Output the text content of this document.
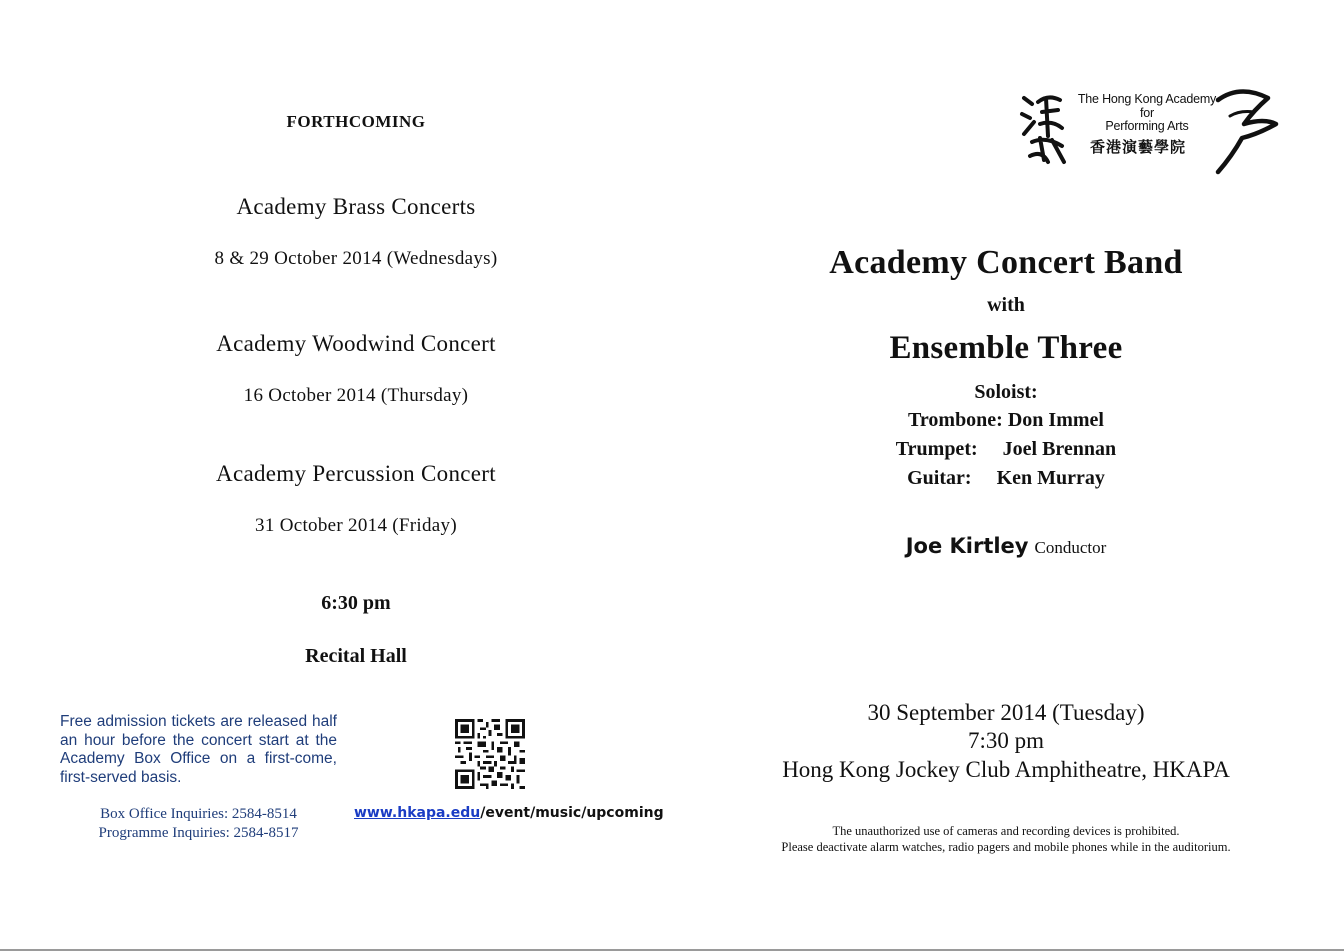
FORTHCOMING
Academy Brass Concerts
8 & 29 October 2014 (Wednesdays)
Academy Woodwind Concert
16 October 2014 (Thursday)
Academy Percussion Concert
31 October 2014 (Friday)
6:30 pm
Recital Hall
Free admission tickets are released half an hour before the concert start at the Academy Box Office on a first-come, first-served basis.
Box Office Inquiries: 2584-8514
Programme Inquiries: 2584-8517
www.hkapa.edu/event/music/upcoming
The Hong Kong Academy
for
Performing Arts
香港演藝學院
Academy Concert Band
with
Ensemble Three
Soloist:
Trombone: Don Immel
Trumpet: Joel Brennan
Guitar: Ken Murray
Joe Kirtley Conductor
30 September 2014 (Tuesday)
7:30 pm
Hong Kong Jockey Club Amphitheatre, HKAPA
The unauthorized use of cameras and recording devices is prohibited.
Please deactivate alarm watches, radio pagers and mobile phones while in the auditorium.
